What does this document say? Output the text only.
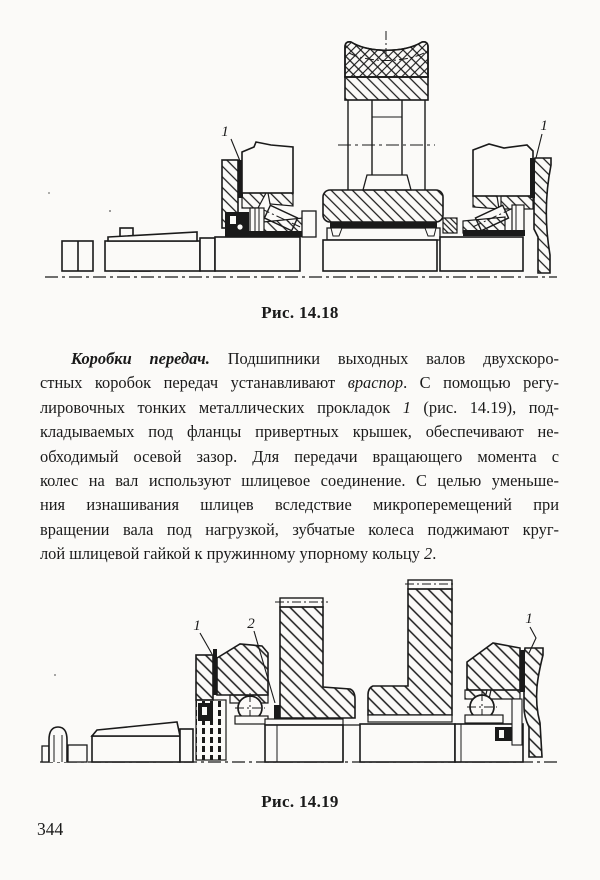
1	1
Рис. 14.18
Коробки передач. Подшипники выходных валов двухскоро-
стных коробок передач устанавливают враспор. С помощью регу-
лировочных тонких металлических прокладок 1 (рис. 14.19), под-
кладываемых под фланцы привертных крышек, обеспечивают не-
обходимый осевой зазор. Для передачи вращающего момента с
колес на вал используют шлицевое соединение. С целью уменьше-
ния изнашивания шлицев вследствие микроперемещений при
вращении вала под нагрузкой, зубчатые колеса поджимают круг-
лой шлицевой гайкой к пружинному упорному кольцу 2.
1	2	1
Рис. 14.19
344
